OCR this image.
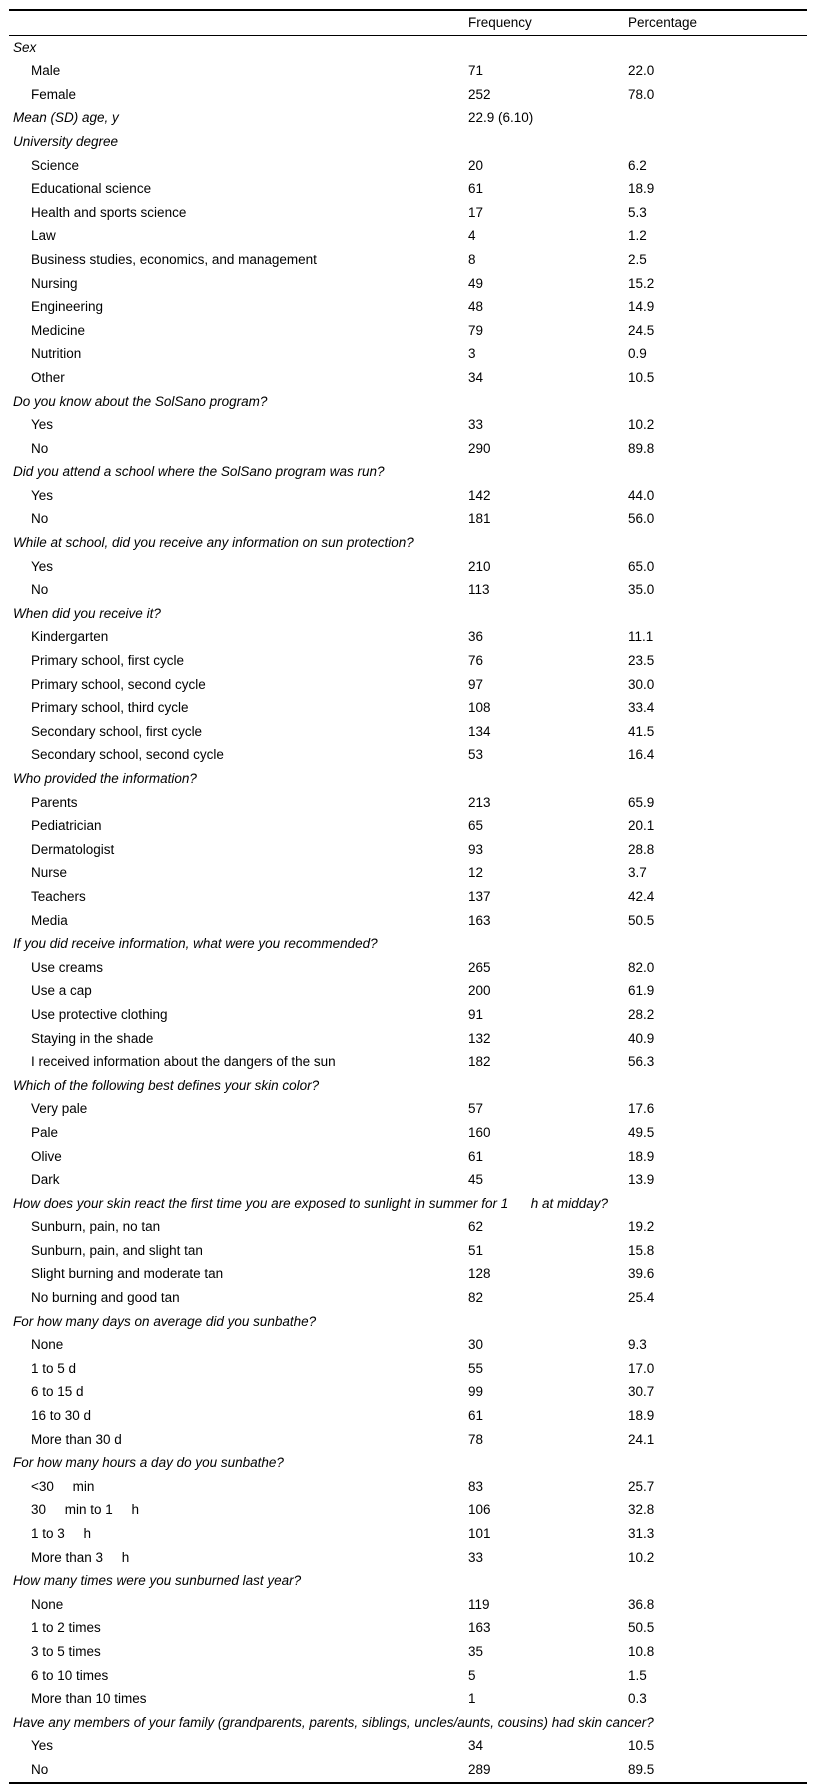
	Frequency	Percentage
Sex		
Male	71	22.0
Female	252	78.0
Mean (SD) age, y	22.9 (6.10)	
University degree		
Science	20	6.2
Educational science	61	18.9
Health and sports science	17	5.3
Law	4	1.2
Business studies, economics, and management	8	2.5
Nursing	49	15.2
Engineering	48	14.9
Medicine	79	24.5
Nutrition	3	0.9
Other	34	10.5
Do you know about the SolSano program?		
Yes	33	10.2
No	290	89.8
Did you attend a school where the SolSano program was run?		
Yes	142	44.0
No	181	56.0
While at school, did you receive any information on sun protection?		
Yes	210	65.0
No	113	35.0
When did you receive it?		
Kindergarten	36	11.1
Primary school, first cycle	76	23.5
Primary school, second cycle	97	30.0
Primary school, third cycle	108	33.4
Secondary school, first cycle	134	41.5
Secondary school, second cycle	53	16.4
Who provided the information?		
Parents	213	65.9
Pediatrician	65	20.1
Dermatologist	93	28.8
Nurse	12	3.7
Teachers	137	42.4
Media	163	50.5
If you did receive information, what were you recommended?		
Use creams	265	82.0
Use a cap	200	61.9
Use protective clothing	91	28.2
Staying in the shade	132	40.9
I received information about the dangers of the sun	182	56.3
Which of the following best defines your skin color?		
Very pale	57	17.6
Pale	160	49.5
Olive	61	18.9
Dark	45	13.9
How does your skin react the first time you are exposed to sunlight in summer for 1      h at midday?		
Sunburn, pain, no tan	62	19.2
Sunburn, pain, and slight tan	51	15.8
Slight burning and moderate tan	128	39.6
No burning and good tan	82	25.4
For how many days on average did you sunbathe?		
None	30	9.3
1 to 5 d	55	17.0
6 to 15 d	99	30.7
16 to 30 d	61	18.9
More than 30 d	78	24.1
For how many hours a day do you sunbathe?		
<30     min	83	25.7
30     min to 1     h	106	32.8
1 to 3     h	101	31.3
More than 3     h	33	10.2
How many times were you sunburned last year?		
None	119	36.8
1 to 2 times	163	50.5
3 to 5 times	35	10.8
6 to 10 times	5	1.5
More than 10 times	1	0.3
Have any members of your family (grandparents, parents, siblings, uncles/aunts, cousins) had skin cancer?		
Yes	34	10.5
No	289	89.5
